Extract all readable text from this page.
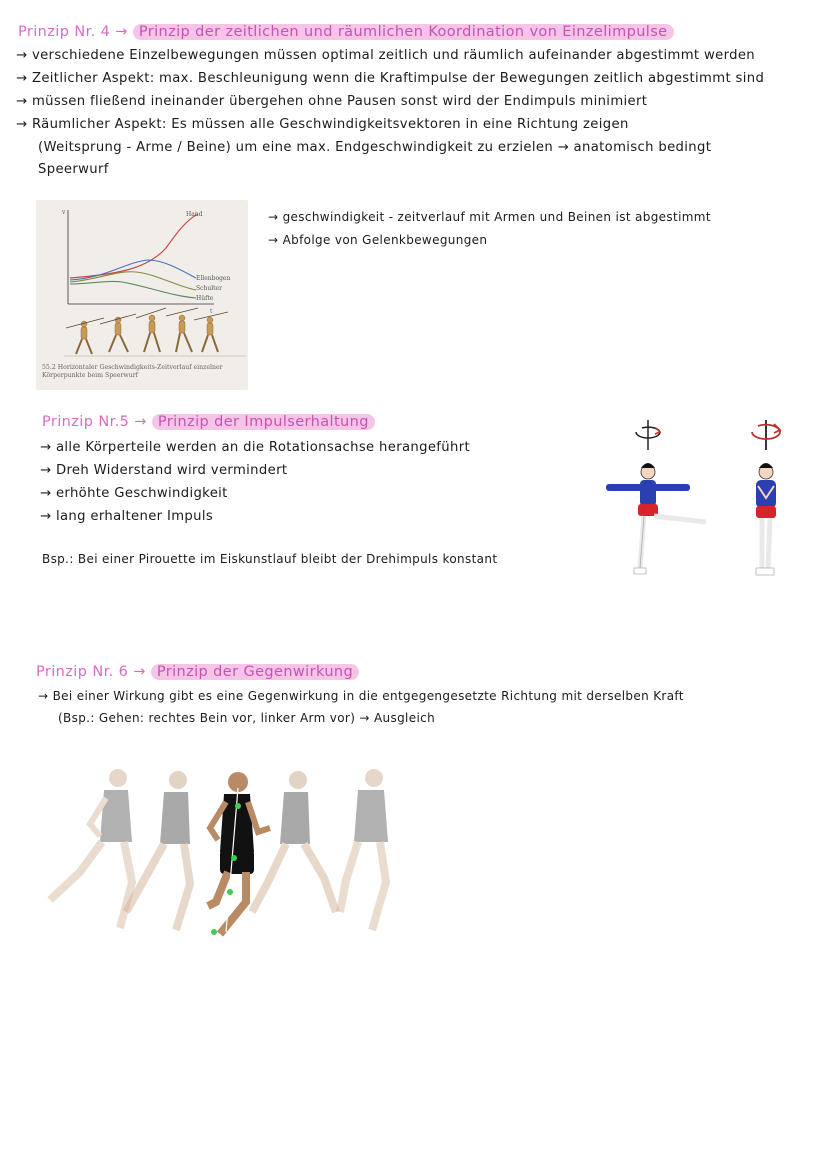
Prinzip Nr. 4 → Prinzip der zeitlichen und räumlichen Koordination von Einzelimpulse
→ verschiedene Einzelbewegungen müssen optimal zeitlich und räumlich aufeinander abgestimmt werden
→ Zeitlicher Aspekt: max. Beschleunigung wenn die Kraftimpulse der Bewegungen zeitlich abgestimmt sind
→ müssen fließend ineinander übergehen ohne Pausen sonst wird der Endimpuls minimiert
→ Räumlicher Aspekt: Es müssen alle Geschwindigkeitsvektoren in eine Richtung zeigen
(Weitsprung - Arme / Beine) um eine max. Endgeschwindigkeit zu erzielen → anatomisch bedingt
Speerwurf
v
t
Hand
Ellenbogen
Schulter
Hüfte
55.2 Horizontaler Geschwindigkeits-Zeitverlauf einzelner
Körperpunkte beim Speerwurf
→ geschwindigkeit - zeitverlauf mit Armen und Beinen ist abgestimmt
→ Abfolge von Gelenkbewegungen
Prinzip Nr.5 → Prinzip der Impulserhaltung
→ alle Körperteile werden an die Rotationsachse herangeführt
→ Dreh Widerstand wird vermindert
→ erhöhte Geschwindigkeit
→ lang erhaltener Impuls
Bsp.: Bei einer Pirouette im Eiskunstlauf bleibt der Drehimpuls konstant
Prinzip Nr. 6 → Prinzip der Gegenwirkung
→ Bei einer Wirkung gibt es eine Gegenwirkung in die entgegengesetzte Richtung mit derselben Kraft
(Bsp.: Gehen: rechtes Bein vor, linker Arm vor) → Ausgleich
